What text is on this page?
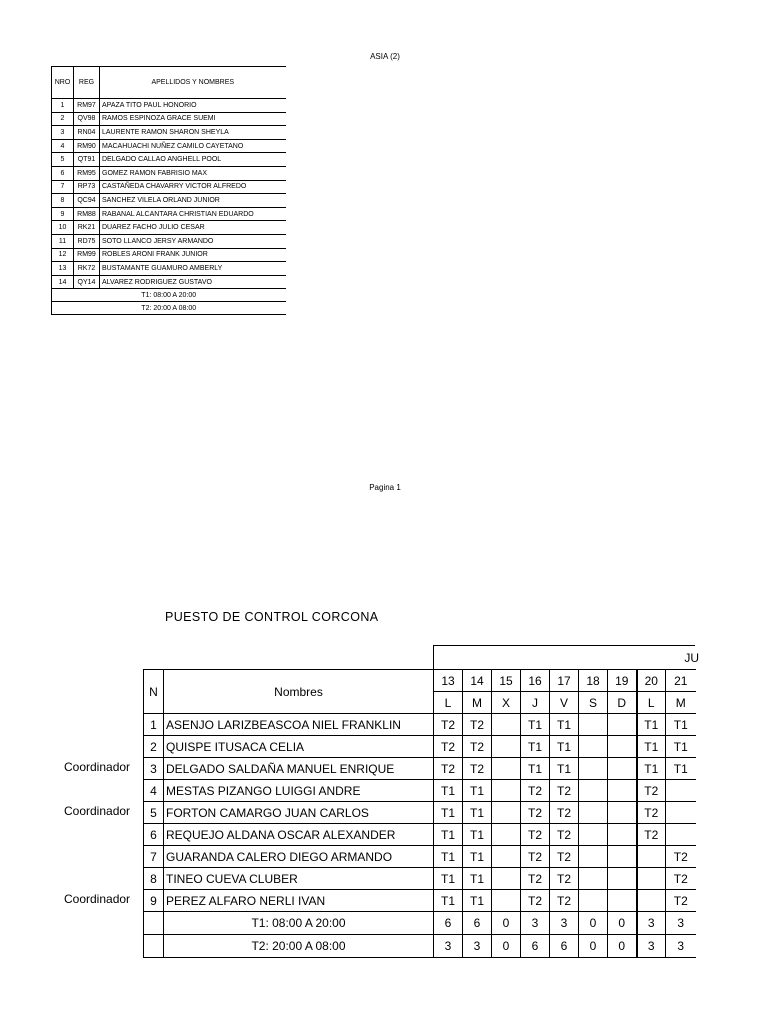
ASIA (2)
NRO	REG	APELLIDOS Y NOMBRES
1	RM97	APAZA TITO PAUL HONORIO
2	QV98	RAMOS ESPINOZA GRACE SUEMI
3	RN04	LAURENTE RAMON SHARON SHEYLA
4	RM90	MACAHUACHI NUÑEZ CAMILO CAYETANO
5	QT91	DELGADO CALLAO ANGHELL POOL
6	RM95	GOMEZ RAMON FABRISIO MAX
7	RP73	CASTAÑEDA CHAVARRY VICTOR ALFREDO
8	QC94	SANCHEZ VILELA ORLAND JUNIOR
9	RM88	RABANAL ALCANTARA CHRISTIAN EDUARDO
10	RK21	DUAREZ FACHO JULIO CESAR
11	RD75	SOTO LLANCO JERSY ARMANDO
12	RM99	ROBLES ARONI FRANK JUNIOR
13	RK72	BUSTAMANTE GUAMURO AMBERLY
14	QY14	ALVAREZ RODRIGUEZ GUSTAVO
T1: 08:00 A 20:00		
T2: 20:00 A 08:00		
Pagina 1
PUESTO DE CONTROL CORCONA
JU
N	Nombres	13	14	15	16	17	18	19	20	21
		L	M	X	J	V	S	D	L	M
1	ASENJO LARIZBEASCOA NIEL FRANKLIN	T2	T2		T1	T1			T1	T1
2	QUISPE ITUSACA CELIA	T2	T2		T1	T1			T1	T1
3	DELGADO SALDAÑA MANUEL ENRIQUE	T2	T2		T1	T1			T1	T1
4	MESTAS PIZANGO LUIGGI ANDRE	T1	T1		T2	T2			T2	
5	FORTON CAMARGO JUAN CARLOS	T1	T1		T2	T2			T2	
6	REQUEJO ALDANA OSCAR ALEXANDER	T1	T1		T2	T2			T2	
7	GUARANDA CALERO DIEGO ARMANDO	T1	T1		T2	T2				T2
8	TINEO CUEVA CLUBER	T1	T1		T2	T2				T2
9	PEREZ ALFARO NERLI IVAN	T1	T1		T2	T2				T2
	T1: 08:00 A 20:00	6	6	0	3	3	0	0	3	3
	T2: 20:00 A 08:00	3	3	0	6	6	0	0	3	3
Coordinador
Coordinador
Coordinador
